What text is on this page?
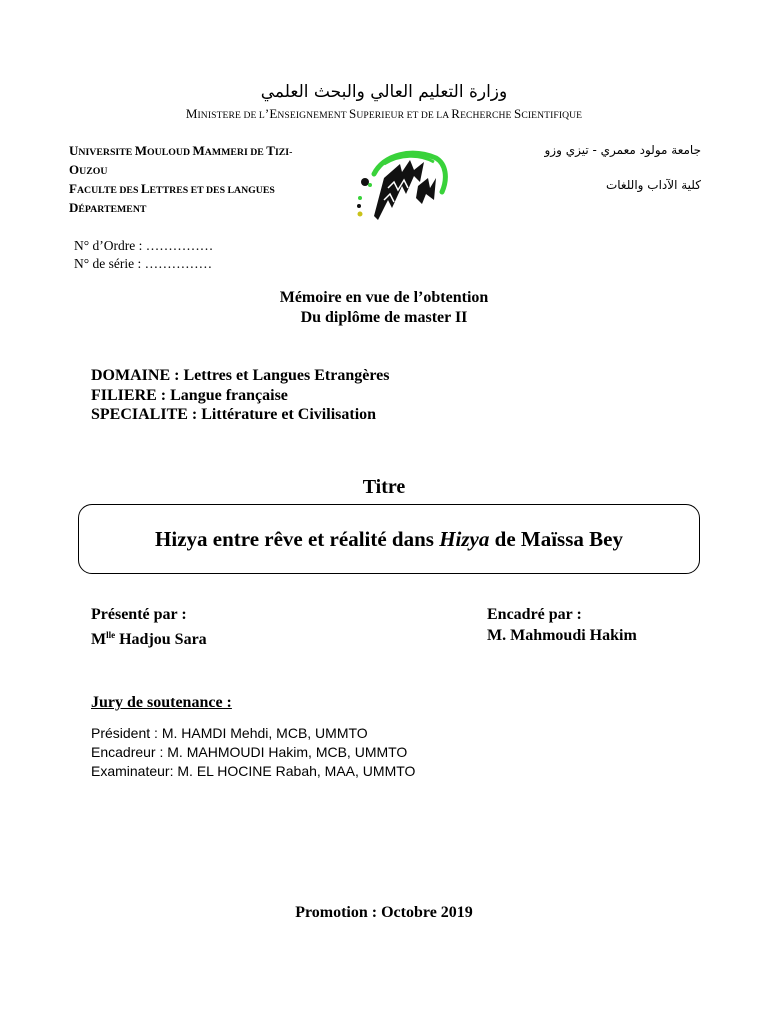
وزارة التعليم العالي والبحث العلمي
MINISTERE DE L’ENSEIGNEMENT SUPERIEUR ET DE LA RECHERCHE SCIENTIFIQUE
UNIVERSITE MOULOUD MAMMERI DE TIZI-
OUZOU
FACULTE DES LETTRES ET DES LANGUES
DÉPARTEMENT
جامعة مولود معمري - تيزي وزو
كلية الآداب واللغات
N° d’Ordre : ……………
N° de série : ……………
Mémoire en vue de l’obtention
Du diplôme de master II
DOMAINE : Lettres et Langues Etrangères
FILIERE : Langue française
SPECIALITE : Littérature et Civilisation
Titre
Hizya entre rêve et réalité dans Hizya de Maïssa Bey
Présenté par :
$M^{lle}$ Hadjou Sara
Encadré par :
M. Mahmoudi Hakim
Jury de soutenance :
Président : M. HAMDI Mehdi, MCB, UMMTO
Encadreur : M. MAHMOUDI Hakim, MCB, UMMTO
Examinateur: M. EL HOCINE Rabah, MAA, UMMTO
Promotion : Octobre 2019
